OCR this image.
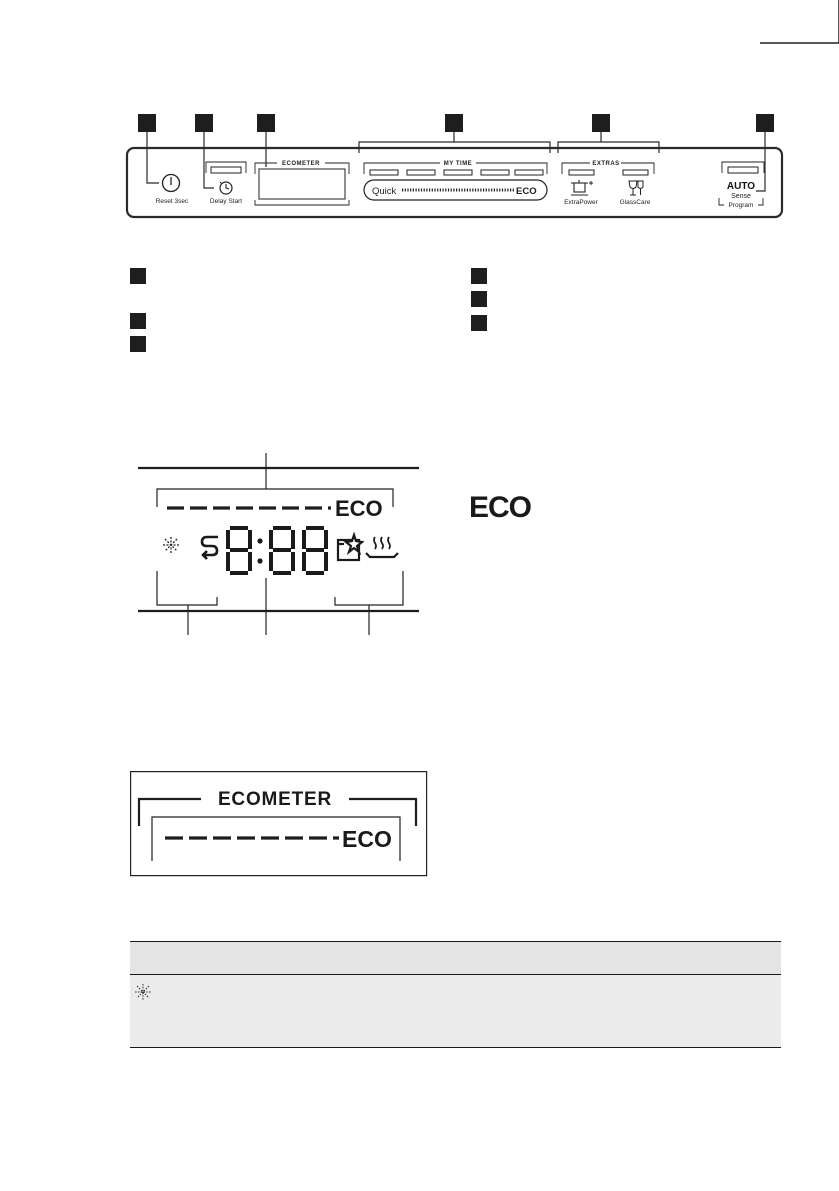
Reset 3sec	Delay Start
ECOMETER	MY TIME
Quick	ECO
EXTRAS
ExtraPower	GlassCare
AUTO
Sense
Program
ECO	ECO
ECOMETER
ECO
